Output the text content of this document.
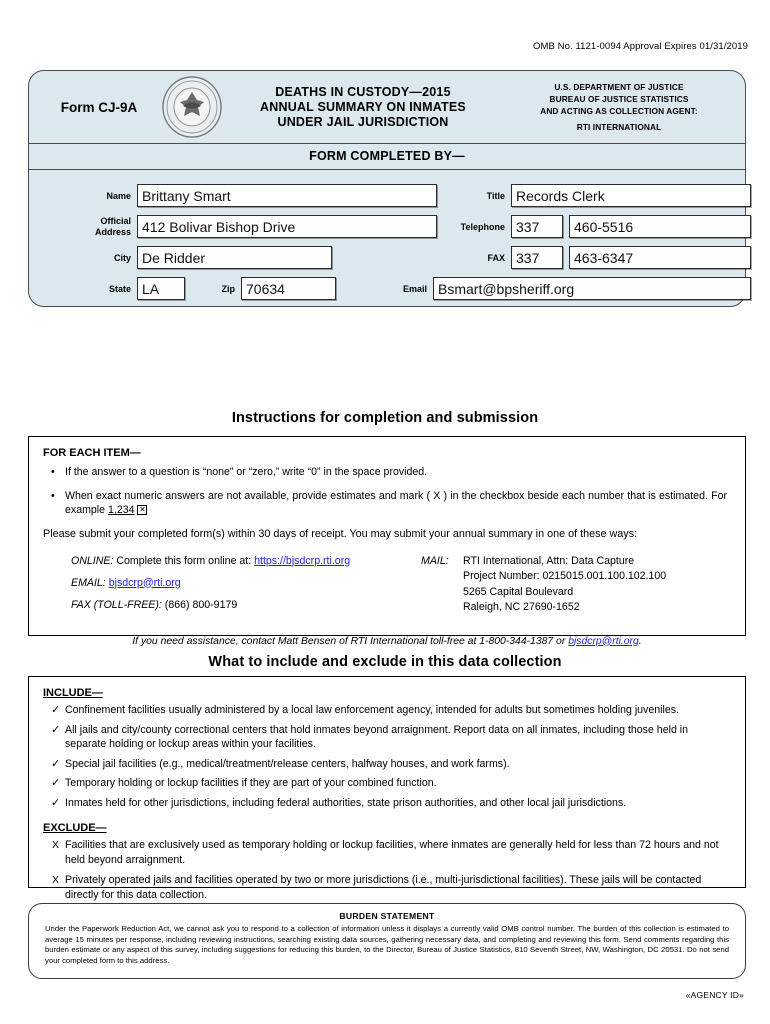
OMB No. 1121-0094 Approval Expires 01/31/2019
Form CJ-9A
DEATHS IN CUSTODY—2015
ANNUAL SUMMARY ON INMATES
UNDER JAIL JURISDICTION
U.S. DEPARTMENT OF JUSTICE
BUREAU OF JUSTICE STATISTICS
AND ACTING AS COLLECTION AGENT:
RTI INTERNATIONAL
FORM COMPLETED BY—
Name Brittany Smart
Official
Address 412 Bolivar Bishop Drive
City De Ridder
State LA	Zip 70634
Title Records Clerk
Telephone 337	460-5516
FAX 337	463-6347
Email Bsmart@bpsheriff.org
Instructions for completion and submission

FOR EACH ITEM—

• If the answer to a question is “none” or “zero,” write “0” in the space provided.
• When exact numeric answers are not available, provide estimates and mark ( X ) in the checkbox beside each number that is estimated. For example 1,234 ✕

Please submit your completed form(s) within 30 days of receipt. You may submit your annual summary in one of these ways:

ONLINE: Complete this form online at: https://bjsdcrp.rti.org
EMAIL: bjsdcrp@rti.org
FAX (TOLL-FREE): (866) 800-9179
MAIL: RTI International, Attn: Data Capture
Project Number: 0215015.001.100.102.100
5265 Capital Boulevard
Raleigh, NC 27690-1652
If you need assistance, contact Matt Bensen of RTI International toll-free at 1-800-344-1387 or bjsdcrp@rti.org.
What to include and exclude in this data collection

INCLUDE—

✓ Confinement facilities usually administered by a local law enforcement agency, intended for adults but sometimes holding juveniles.
✓ All jails and city/county correctional centers that hold inmates beyond arraignment. Report data on all inmates, including those held in separate holding or lockup areas within your facilities.
✓ Special jail facilities (e.g., medical/treatment/release centers, halfway houses, and work farms).
✓ Temporary holding or lockup facilities if they are part of your combined function.
✓ Inmates held for other jurisdictions, including federal authorities, state prison authorities, and other local jail jurisdictions.

EXCLUDE—

X Facilities that are exclusively used as temporary holding or lockup facilities, where inmates are generally held for less than 72 hours and not held beyond arraignment.
X Privately operated jails and facilities operated by two or more jurisdictions (i.e., multi-jurisdictional facilities). These jails will be contacted directly for this data collection.
BURDEN STATEMENT
Under the Paperwork Reduction Act, we cannot ask you to respond to a collection of information unless it displays a currently valid OMB control number. The burden of this collection is estimated to average 15 minutes per response, including reviewing instructions, searching existing data sources, gathering necessary data, and completing and reviewing this form. Send comments regarding this burden estimate or any aspect of this survey, including suggestions for reducing this burden, to the Director, Bureau of Justice Statistics, 810 Seventh Street, NW, Washington, DC 20531. Do not send your completed form to this address.
«AGENCY ID»
